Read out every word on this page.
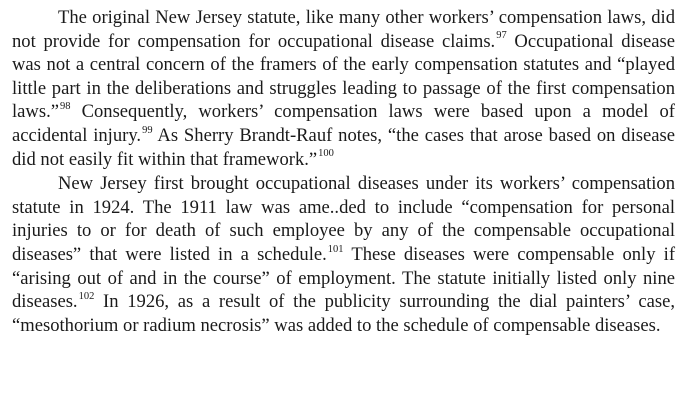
The original New Jersey statute, like many other workers’ compensation laws, did not provide for compensation for occupational disease claims.$^{97}$ Occupational disease was not a central concern of the framers of the early compensation statutes and “played little part in the deliberations and struggles leading to passage of the first compensation laws.”$^{98}$ Consequently, workers’ compensation laws were based upon a model of accidental injury.$^{99}$ As Sherry Brandt-Rauf notes, “the cases that arose based on disease did not easily fit within that framework.”$^{100}$

New Jersey first brought occupational diseases under its workers’ compensation statute in 1924. The 1911 law was ame..ded to include “compensation for personal injuries to or for death of such employee by any of the compensable occupational diseases” that were listed in a schedule.$^{101}$ These diseases were compensable only if “arising out of and in the course” of employment. The statute initially listed only nine diseases.$^{102}$ In 1926, as a result of the publicity surrounding the dial painters’ case, “mesothorium or radium necrosis” was added to the schedule of compensable diseases.
